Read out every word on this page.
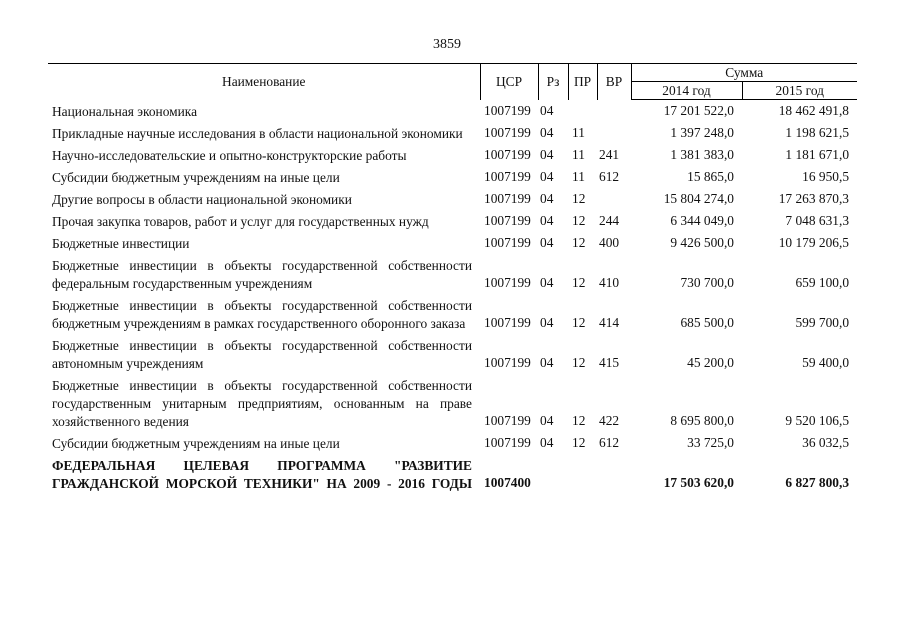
3859
Наименование	ЦСР	Рз	ПР	ВР	Сумма	
					2014 год	2015 год
Национальная экономика	1007199	04			17 201 522,0	18 462 491,8
Прикладные научные исследования в области национальной экономики	1007199	04	11		1 397 248,0	1 198 621,5
Научно-исследовательские и опытно-конструкторские работы	1007199	04	11	241	1 381 383,0	1 181 671,0
Субсидии бюджетным учреждениям на иные цели	1007199	04	11	612	15 865,0	16 950,5
Другие вопросы в области национальной экономики	1007199	04	12		15 804 274,0	17 263 870,3
Прочая закупка товаров, работ и услуг для государственных нужд	1007199	04	12	244	6 344 049,0	7 048 631,3
Бюджетные инвестиции	1007199	04	12	400	9 426 500,0	10 179 206,5
Бюджетные инвестиции в объекты государственной собственности федеральным государственным учреждениям	1007199	04	12	410	730 700,0	659 100,0
Бюджетные инвестиции в объекты государственной собственности бюджетным учреждениям в рамках государственного оборонного заказа	1007199	04	12	414	685 500,0	599 700,0
Бюджетные инвестиции в объекты государственной собственности автономным учреждениям	1007199	04	12	415	45 200,0	59 400,0
Бюджетные инвестиции в объекты государственной собственности государственным унитарным предприятиям, основанным на праве хозяйственного ведения	1007199	04	12	422	8 695 800,0	9 520 106,5
Субсидии бюджетным учреждениям на иные цели	1007199	04	12	612	33 725,0	36 032,5
ФЕДЕРАЛЬНАЯ ЦЕЛЕВАЯ ПРОГРАММА "РАЗВИТИЕ ГРАЖДАНСКОЙ МОРСКОЙ ТЕХНИКИ" НА 2009 - 2016 ГОДЫ	1007400				17 503 620,0	6 827 800,3
